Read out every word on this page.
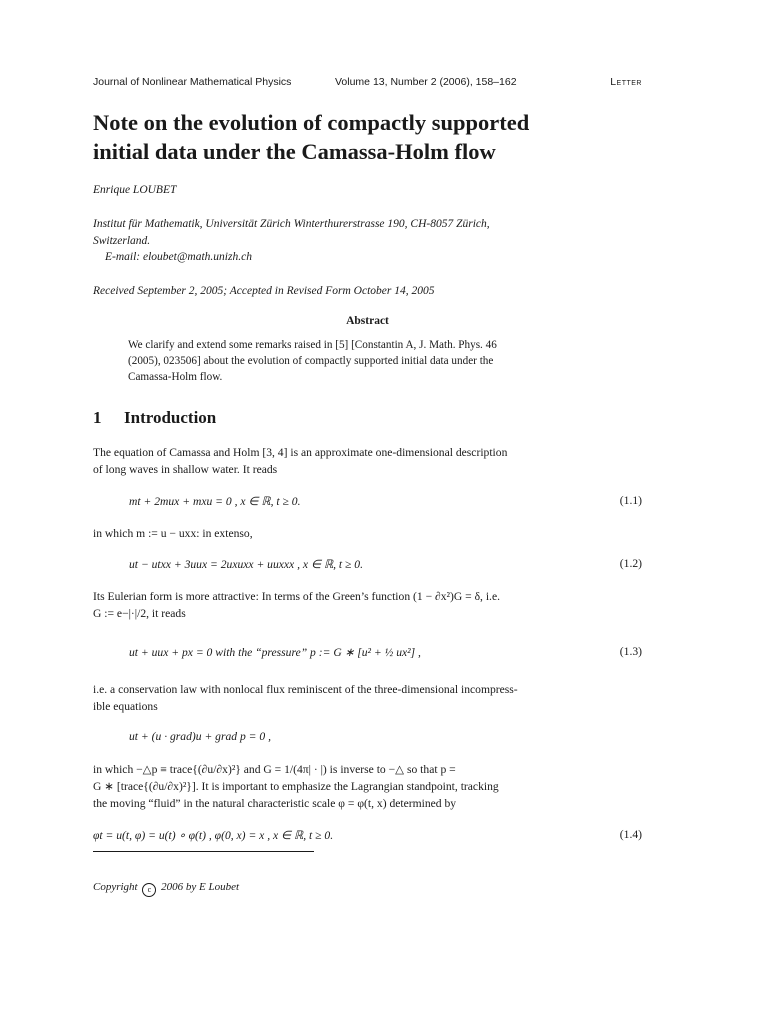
Journal of Nonlinear Mathematical Physics	Volume 13, Number 2 (2006), 158–162	Letter
Note on the evolution of compactly supported
initial data under the Camassa-Holm flow
Enrique LOUBET
Institut für Mathematik, Universität Zürich Winterthurerstrasse 190, CH-8057 Zürich,
Switzerland.
E-mail: eloubet@math.unizh.ch
Received September 2, 2005; Accepted in Revised Form October 14, 2005
Abstract
We clarify and extend some remarks raised in [5] [Constantin A, J. Math. Phys. 46
(2005), 023506] about the evolution of compactly supported initial data under the
Camassa-Holm flow.
1 Introduction
The equation of Camassa and Holm [3, 4] is an approximate one-dimensional description
of long waves in shallow water. It reads
mt + 2mux + mxu = 0 , x ∈ ℝ, t ≥ 0.	(1.1)
in which m := u − uxx: in extenso,
ut − utxx + 3uux = 2uxuxx + uuxxx , x ∈ ℝ, t ≥ 0.	(1.2)
Its Eulerian form is more attractive: In terms of the Green’s function (1 − ∂x²)G = δ, i.e.
G := e−|·|/2, it reads
ut + uux + px = 0 with the “pressure” p := G ∗ [u² + ½ ux²] ,	(1.3)
i.e. a conservation law with nonlocal flux reminiscent of the three-dimensional incompress-
ible equations
ut + (u · grad)u + grad p = 0 ,
in which −△p ≡ trace{(∂u/∂x)²} and G = 1/(4π| · |) is inverse to −△ so that p =
G ∗ [trace{(∂u/∂x)²}]. It is important to emphasize the Lagrangian standpoint, tracking
the moving “fluid” in the natural characteristic scale φ = φ(t, x) determined by
φt = u(t, φ) = u(t) ∘ φ(t) , φ(0, x) = x , x ∈ ℝ, t ≥ 0.	(1.4)
Copyright c 2006 by E Loubet
